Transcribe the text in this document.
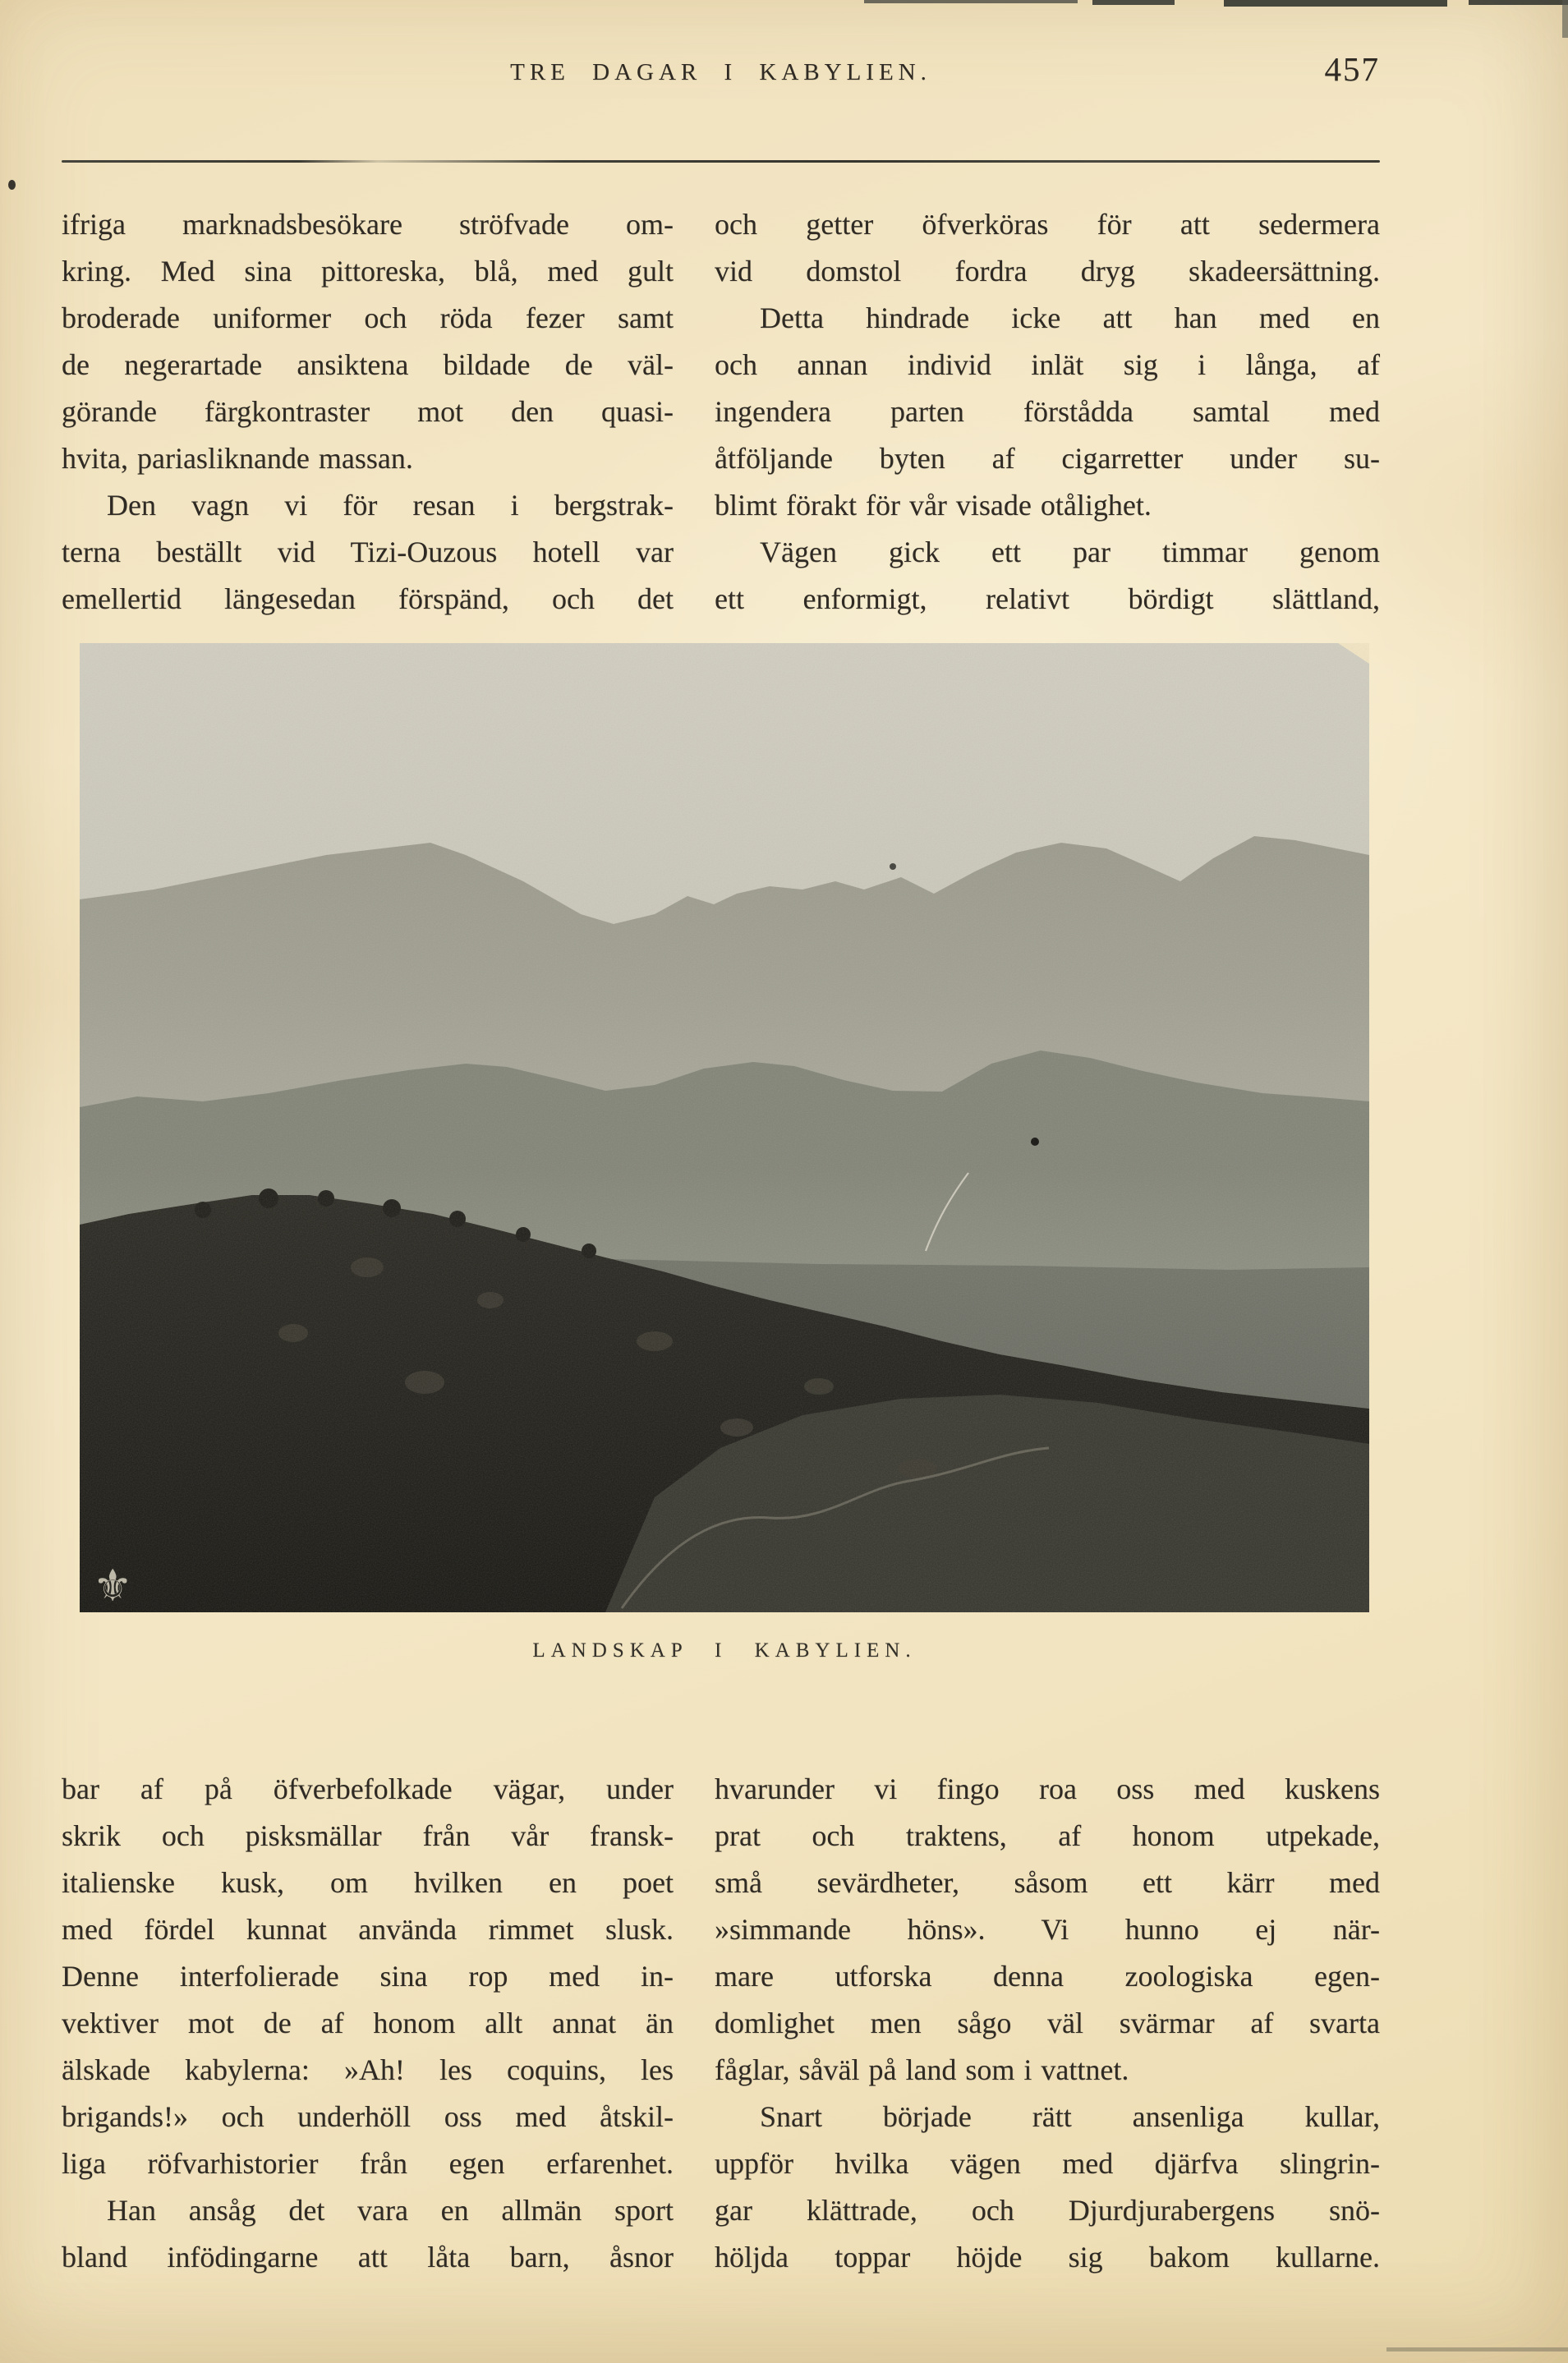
TRE DAGAR I KABYLIEN.	457
ifriga marknadsbesökare ströfvade om-
kring. Med sina pittoreska, blå, med gult
broderade uniformer och röda fezer samt
de negerartade ansiktena bildade de väl-
görande färgkontraster mot den quasi-
hvita, pariasliknande massan.
Den vagn vi för resan i bergstrak-
terna beställt vid Tizi-Ouzous hotell var
emellertid längesedan förspänd, och det
och getter öfverköras för att sedermera
vid domstol fordra dryg skadeersättning.
Detta hindrade icke att han med en
och annan individ inlät sig i långa, af
ingendera parten förstådda samtal med
åtföljande byten af cigarretter under su-
blimt förakt för vår visade otålighet.
Vägen gick ett par timmar genom
ett enformigt, relativt bördigt slättland,
LANDSKAP I KABYLIEN.
bar af på öfverbefolkade vägar, under
skrik och pisksmällar från vår fransk-
italienske kusk, om hvilken en poet
med fördel kunnat använda rimmet slusk.
Denne interfolierade sina rop med in-
vektiver mot de af honom allt annat än
älskade kabylerna: »Ah! les coquins, les
brigands!» och underhöll oss med åtskil-
liga röfvarhistorier från egen erfarenhet.
Han ansåg det vara en allmän sport
bland infödingarne att låta barn, åsnor
hvarunder vi fingo roa oss med kuskens
prat och traktens, af honom utpekade,
små sevärdheter, såsom ett kärr med
»simmande höns». Vi hunno ej när-
mare utforska denna zoologiska egen-
domlighet men sågo väl svärmar af svarta
fåglar, såväl på land som i vattnet.
Snart började rätt ansenliga kullar,
uppför hvilka vägen med djärfva slingrin-
gar klättrade, och Djurdjurabergens snö-
höljda toppar höjde sig bakom kullarne.
